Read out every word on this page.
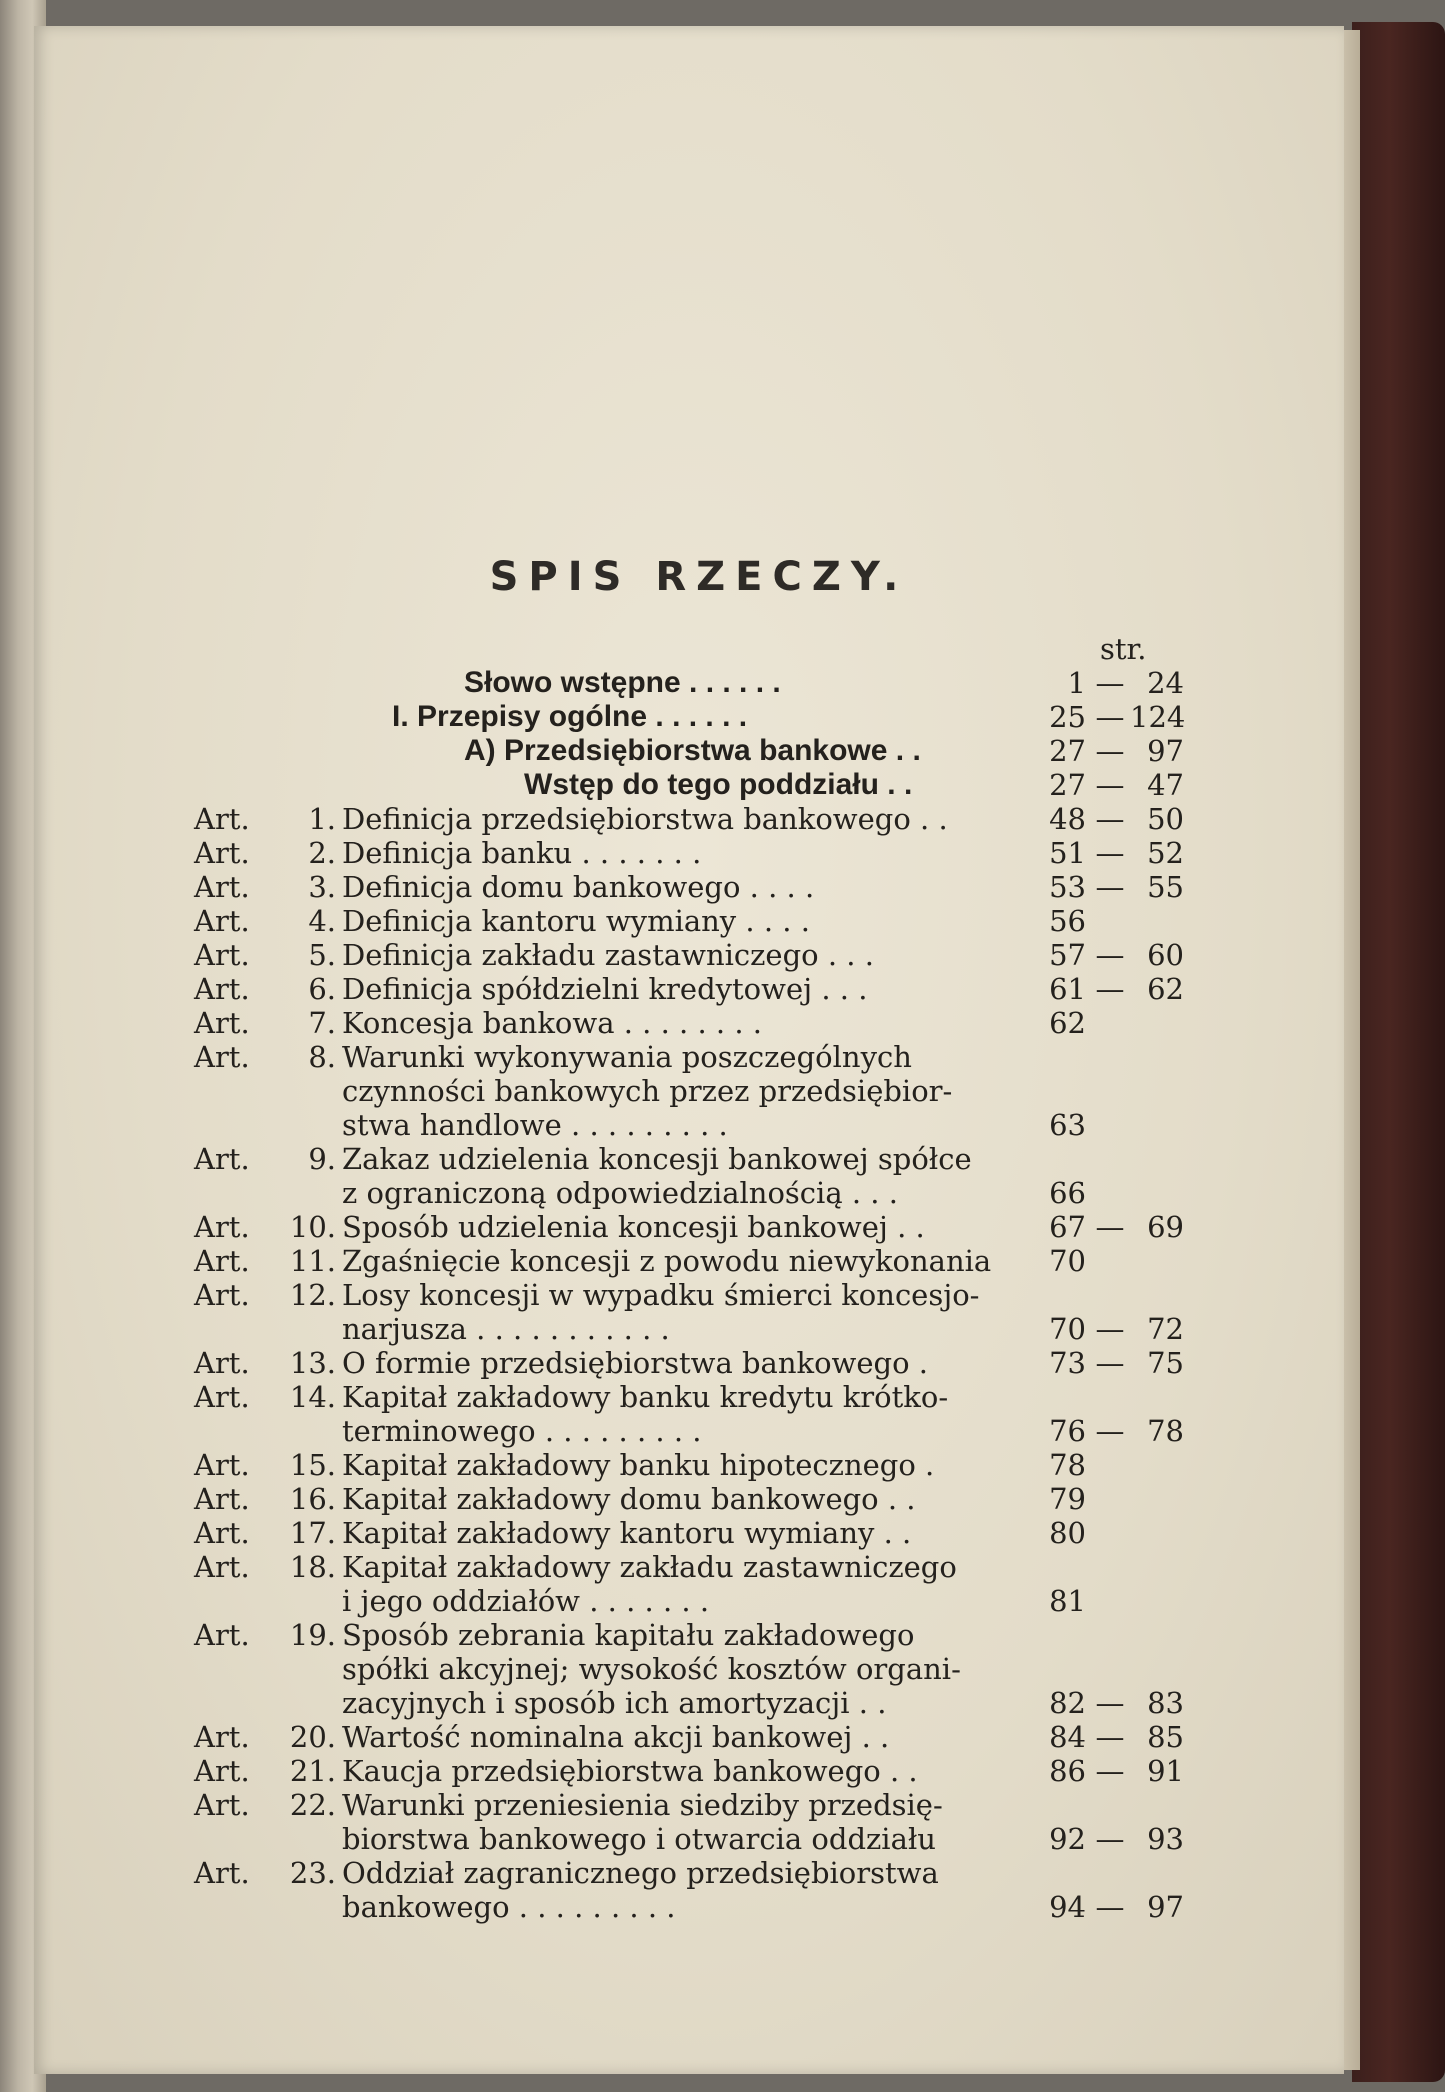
SPIS RZECZY.
str.
Słowo wstępne . . . . . .	1 — 24
I. Przepisy ogólne . . . . . .	25 — 124
A) Przedsiębiorstwa bankowe . .	27 — 97
Wstęp do tego poddziału . .	27 — 47
Art.	1. Definicja przedsiębiorstwa bankowego . .	48 — 50
Art.	2. Definicja banku . . . . . . .	51 — 52
Art.	3. Definicja domu bankowego . . . .	53 — 55
Art.	4. Definicja kantoru wymiany . . . .	56
Art.	5. Definicja zakładu zastawniczego . . .	57 — 60
Art.	6. Definicja spółdzielni kredytowej . . .	61 — 62
Art.	7. Koncesja bankowa . . . . . . . .	62
Art.	8. Warunki wykonywania poszczególnych
czynności bankowych przez przedsiębior-
stwa handlowe . . . . . . . . .	63
Art.	9. Zakaz udzielenia koncesji bankowej spółce
z ograniczoną odpowiedzialnością . . .	66
Art.	10. Sposób udzielenia koncesji bankowej . .	67 — 69
Art.	11. Zgaśnięcie koncesji z powodu niewykonania	70
Art.	12. Losy koncesji w wypadku śmierci koncesjo-
narjusza . . . . . . . . . . .	70 — 72
Art.	13. O formie przedsiębiorstwa bankowego .	73 — 75
Art.	14. Kapitał zakładowy banku kredytu krótko-
terminowego . . . . . . . . .	76 — 78
Art.	15. Kapitał zakładowy banku hipotecznego .	78
Art.	16. Kapitał zakładowy domu bankowego . .	79
Art.	17. Kapitał zakładowy kantoru wymiany . .	80
Art.	18. Kapitał zakładowy zakładu zastawniczego
i jego oddziałów . . . . . . .	81
Art.	19. Sposób zebrania kapitału zakładowego
spółki akcyjnej; wysokość kosztów organi-
zacyjnych i sposób ich amortyzacji . .	82 — 83
Art.	20. Wartość nominalna akcji bankowej . .	84 — 85
Art.	21. Kaucja przedsiębiorstwa bankowego . .	86 — 91
Art.	22. Warunki przeniesienia siedziby przedsię-
biorstwa bankowego i otwarcia oddziału	92 — 93
Art.	23. Oddział zagranicznego przedsiębiorstwa
bankowego . . . . . . . . .	94 — 97
